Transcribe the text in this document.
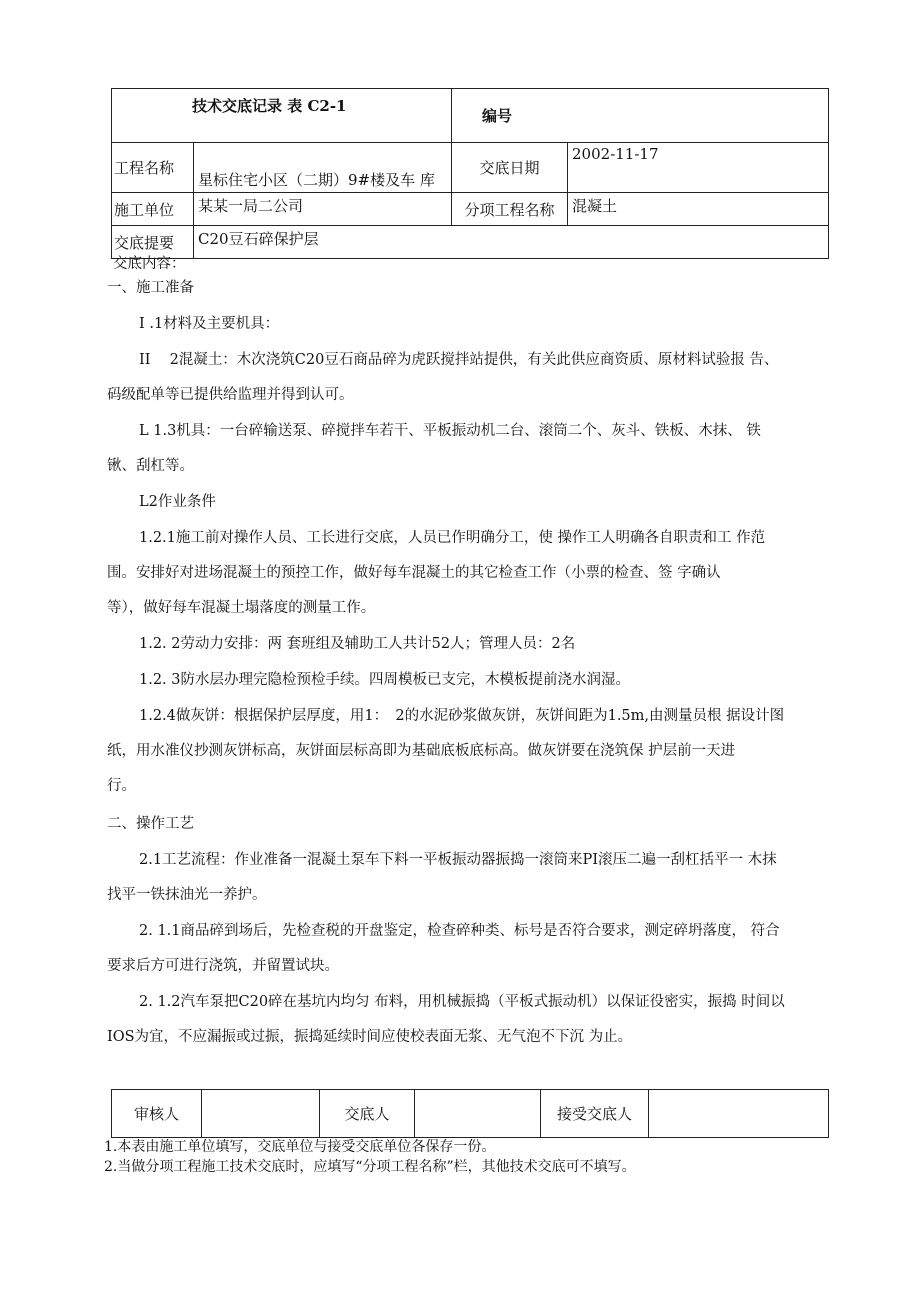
技术交底记录 表 C2-1		编号	
工程名称	星标住宅小区（二期）9#楼及车 库	交底日期	2002-11-17
施工单位	某某一局二公司	分项工程名称	混凝土
交底提要	C20豆石碎保护层		

交底内容：

一、施工准备

I .1材料及主要机具：

II　 2混凝土：木次浇筑C20豆石商品碎为虎跃搅拌站提供，有关此供应商资质、原材料试验报 告、

码级配单等已提供给监理并得到认可。

L 1.3机具：一台碎输送泵、碎搅拌车若干、平板振动机二台、滚筒二个、灰斗、铁板、木抹、 铁

锹、刮杠等。

L2作业条件

1.2.1施工前对操作人员、工长进行交底，人员已作明确分工，使 操作工人明确各自职责和工 作范

围。安排好对进场混凝土的预控工作，做好每车混凝土的其它检查工作（小票的检查、签 字确认

等），做好每车混凝土塌落度的测量工作。

1.2. 2劳动力安排：两 套班组及辅助工人共计52人；管理人员：2名

1.2. 3防水层办理完隐检预检手续。四周模板已支完，木模板提前浇水润湿。

1.2.4做灰饼：根据保护层厚度，用1：　2的水泥砂浆做灰饼，灰饼间距为1.5m,由测量员根 据设计图

纸，用水准仪抄测灰饼标高，灰饼面层标高即为基础底板底标高。做灰饼要在浇筑保 护层前一天进

行。

二、操作工艺

2.1工艺流程：作业准备一混凝土泵车下料一平板振动器振捣一滚筒来PI滚压二遍一刮杠括平一 木抹

找平一铁抹油光一养护。

2. 1.1商品碎到场后，先检查税的开盘鉴定，检查碎种类、标号是否符合要求，测定碎坍落度， 符合

要求后方可进行浇筑，并留置试块。

2. 1.2汽车泵把C20碎在基坑内均匀 布料，用机械振捣（平板式振动机）以保证役密实，振捣 时间以

IOS为宜，不应漏振或过振，振捣延续时间应使校表面无浆、无气泡不下沉 为止。

审核人		交底人		接受交底人	

1.本表由施工单位填写，交底单位与接受交底单位各保存一份。

2.当做分项工程施工技术交底时，应填写“分项工程名称”栏，其他技术交底可不填写。
